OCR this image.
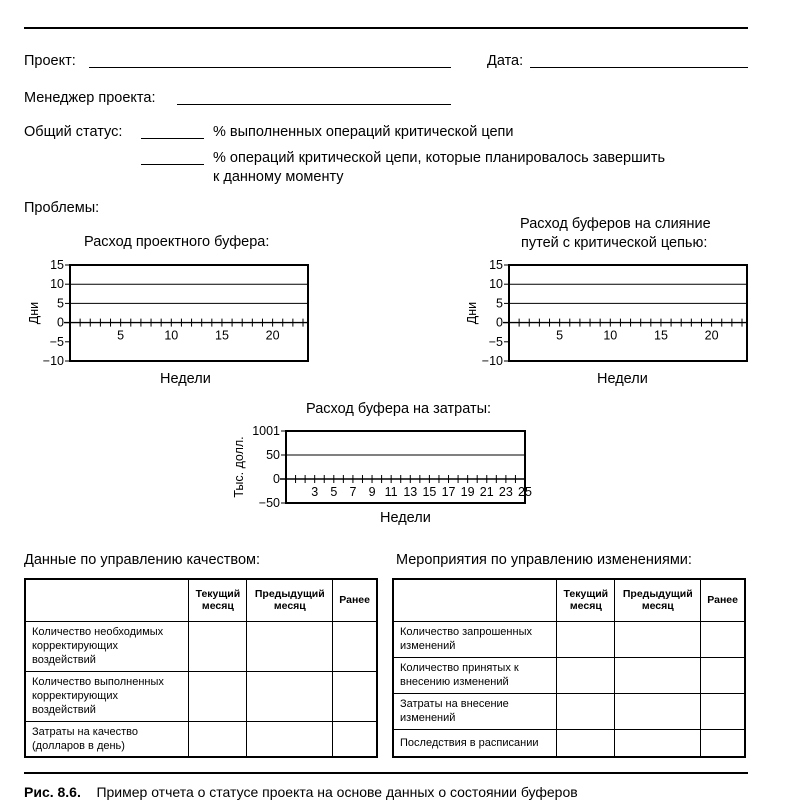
Проект:	Дата:
Менеджер проекта:
Общий статус:	% выполненных операций критической цепи
% операций критической цепи, которые планировалось завершить
к данному моменту
Проблемы:
Расход проектного буфера:
15
10
5
0
−5
−10
5	10	15	20
Дни
Недели
Расход буферов на слияние
путей с критической цепью:
15
10
5
0
−5
−10
5	10	15	20
Дни
Недели
Расход буфера на затраты:
1001
50
0
−50
3 5 7 9 11 13 15 17 19 21 23 25
Тыс. долл.
Недели
Данные по управлению качеством:
	Текущий месяц	Предыдущий месяц	Ранее
Количество необходимых корректирующих воздействий			
Количество выполненных корректирующих воздействий			
Затраты на качество (долларов в день)			
Мероприятия по управлению изменениями:
	Текущий месяц	Предыдущий месяц	Ранее
Количество запрошенных изменений			
Количество принятых к внесению изменений			
Затраты на внесение изменений			
Последствия в расписании			
Рис. 8.6. Пример отчета о статусе проекта на основе данных о состоянии буферов
